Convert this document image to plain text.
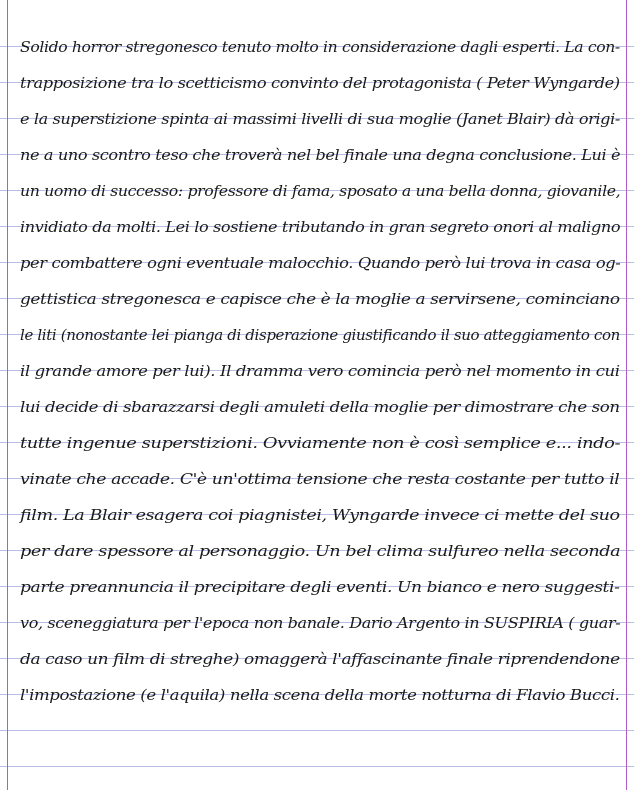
Solido horror stregonesco tenuto molto in considerazione dagli esperti. La con-
trapposizione tra lo scetticismo convinto del protagonista ( Peter Wyngarde)
e la superstizione spinta ai massimi livelli di sua moglie (Janet Blair) dà origi-
ne a uno scontro teso che troverà nel bel finale una degna conclusione. Lui è
un uomo di successo: professore di fama, sposato a una bella donna, giovanile,
invidiato da molti. Lei lo sostiene tributando in gran segreto onori al maligno
per combattere ogni eventuale malocchio. Quando però lui trova in casa og-
gettistica stregonesca e capisce che è la moglie a servirsene, cominciano
le liti (nonostante lei pianga di disperazione giustificando il suo atteggiamento con
il grande amore per lui). Il dramma vero comincia però nel momento in cui
lui decide di sbarazzarsi degli amuleti della moglie per dimostrare che son
tutte ingenue superstizioni. Ovviamente non è così semplice e... indo-
vinate che accade. C'è un'ottima tensione che resta costante per tutto il
film. La Blair esagera coi piagnistei, Wyngarde invece ci mette del suo
per dare spessore al personaggio. Un bel clima sulfureo nella seconda
parte preannuncia il precipitare degli eventi. Un bianco e nero suggesti-
vo, sceneggiatura per l'epoca non banale. Dario Argento in SUSPIRIA ( guar-
da caso un film di streghe) omaggerà l'affascinante finale riprendendone
l'impostazione (e l'aquila) nella scena della morte notturna di Flavio Bucci.
